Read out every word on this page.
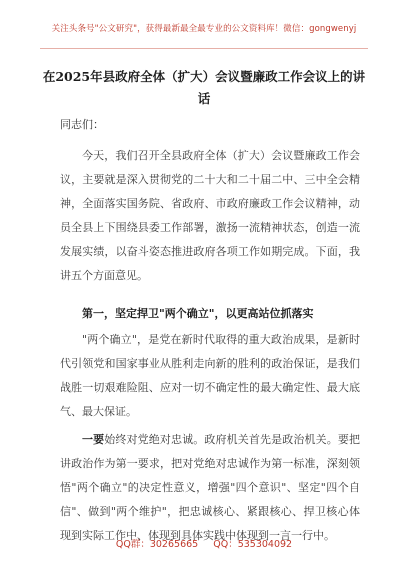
关注头条号"公文研究"，获得最新最全最专业的公文资料库！微信：gongwenyj
在2025年县政府全体（扩大）会议暨廉政工作会议上的讲话
同志们：

今天，我们召开全县政府全体（扩大）会议暨廉政工作会议，主要就是深入贯彻党的二十大和二十届二中、三中全会精神，全面落实国务院、省政府、市政府廉政工作会议精神，动员全县上下围绕县委工作部署，激扬一流精神状态，创造一流发展实绩，以奋斗姿态推进政府各项工作如期完成。下面，我讲五个方面意见。

第一，坚定捍卫"两个确立"，以更高站位抓落实

"两个确立"，是党在新时代取得的重大政治成果，是新时代引领党和国家事业从胜利走向新的胜利的政治保证，是我们战胜一切艰难险阻、应对一切不确定性的最大确定性、最大底气、最大保证。

一要始终对党绝对忠诚。政府机关首先是政治机关。要把讲政治作为第一要求，把对党绝对忠诚作为第一标准，深刻领悟"两个确立"的决定性意义，增强"四个意识"、坚定"四个自信"、做到"两个维护"，把忠诚核心、紧跟核心、捍卫核心体现到实际工作中、体现到具体实践中体现到一言一行中。

QQ群：30265665 QQ：535304092
